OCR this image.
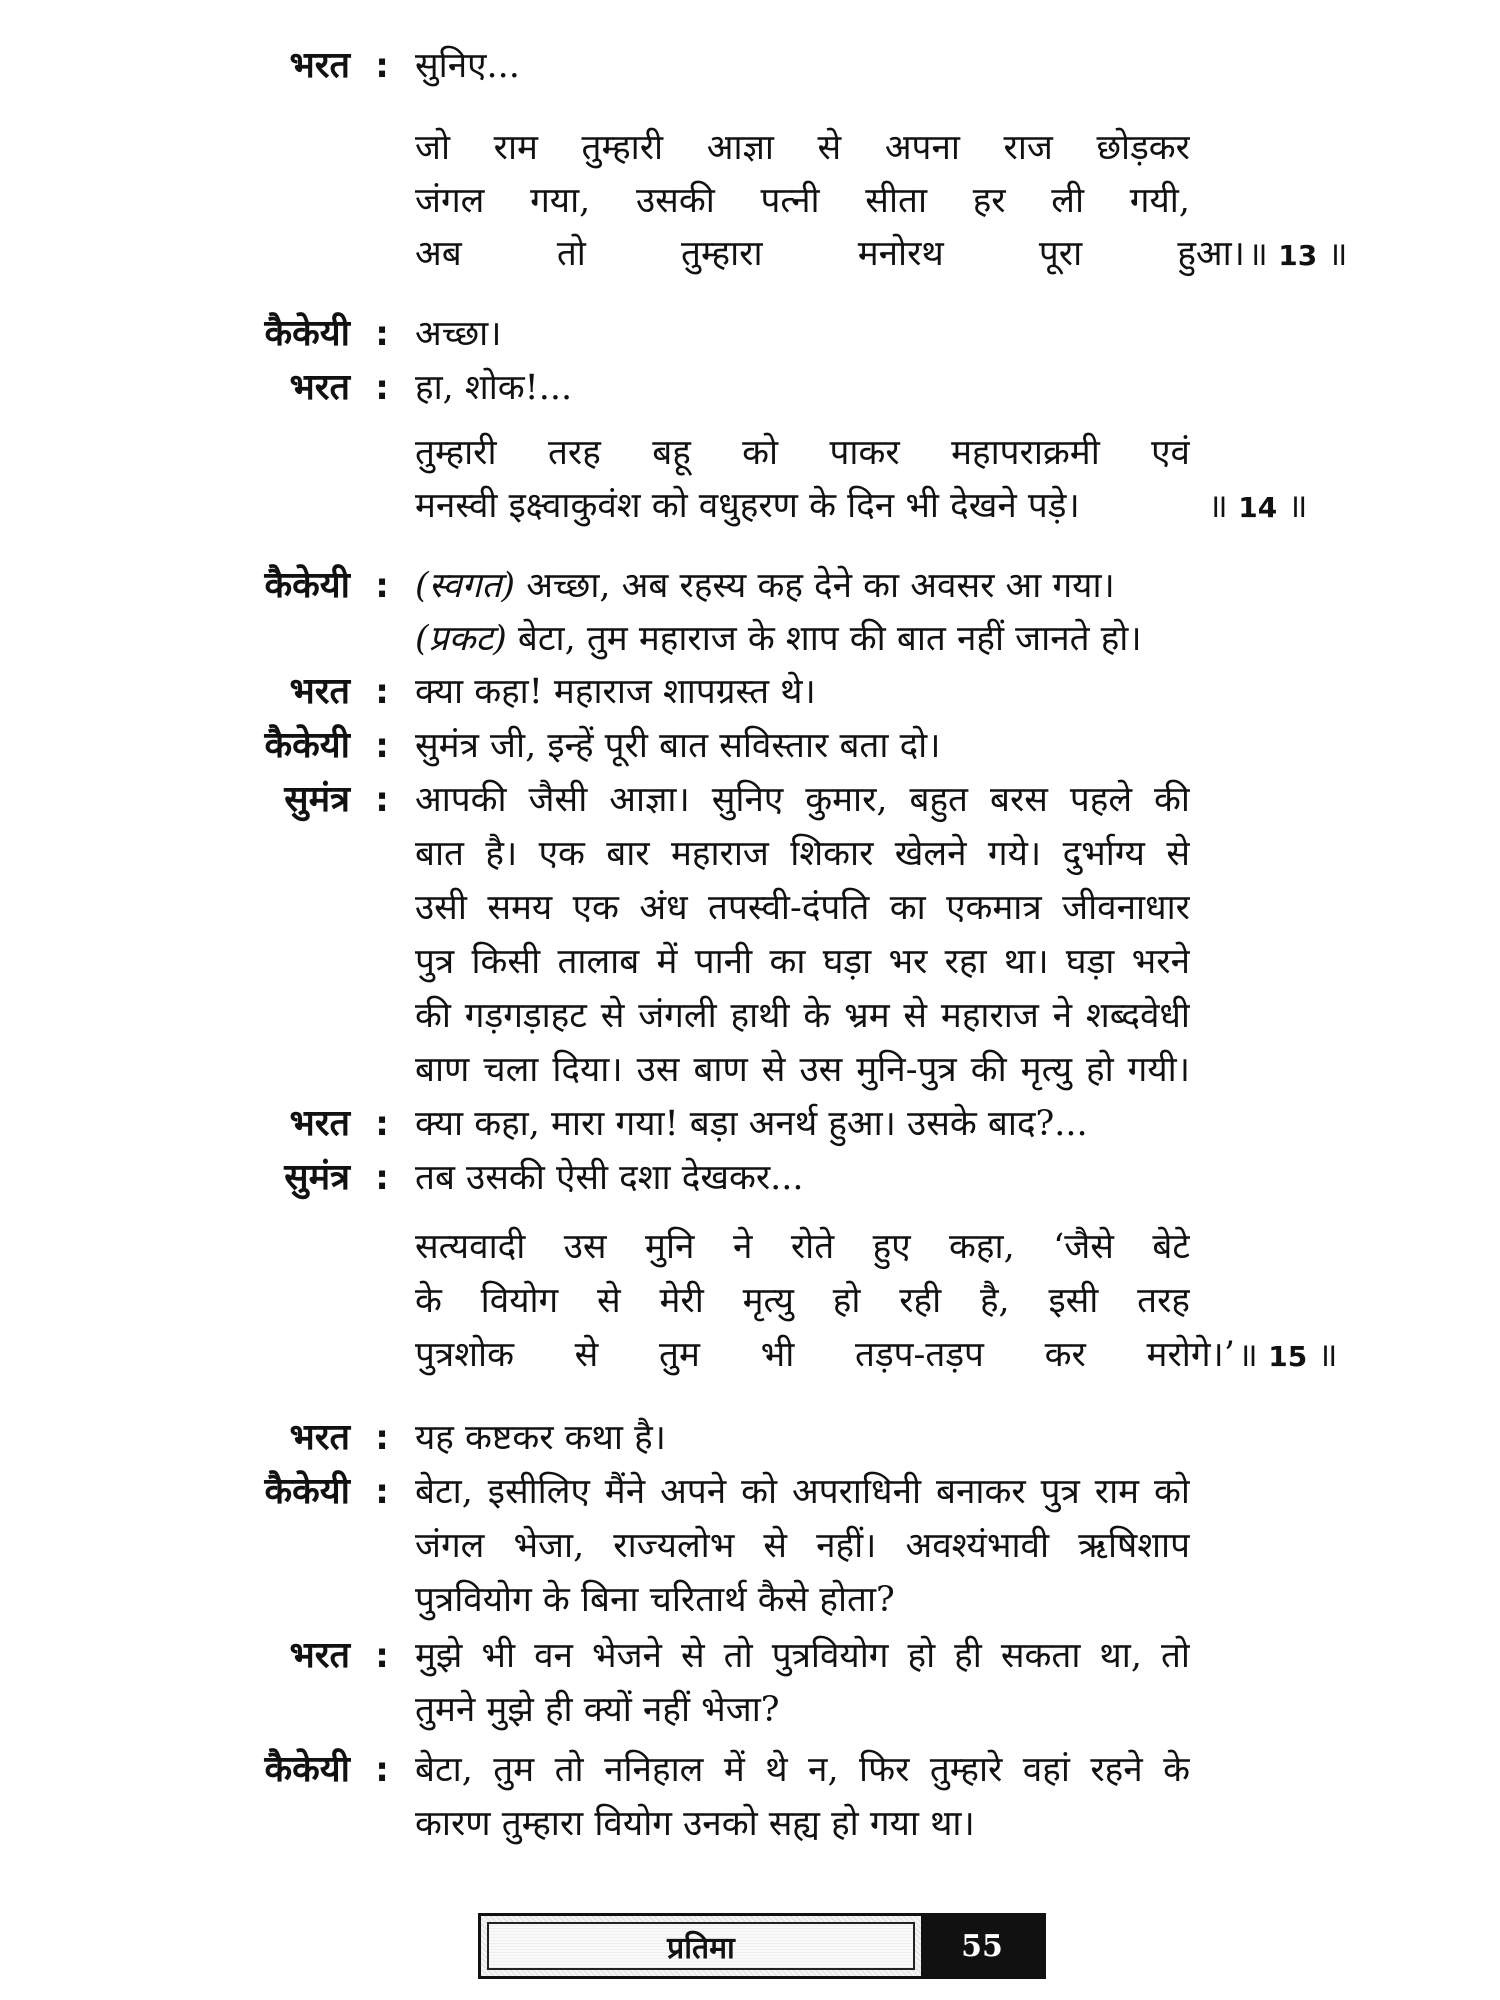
भरत : सुनिए...
जो राम तुम्हारी आज्ञा से अपना राज छोड़कर
जंगल गया, उसकी पत्नी सीता हर ली गयी,
अब	तो	तुम्हारा	मनोरथ	पूरा	हुआ। ॥ 13 ॥
कैकेयी : अच्छा।
भरत : हा, शोक!...
तुम्हारी तरह बहू को पाकर महापराक्रमी एवं
मनस्वी इक्ष्वाकुवंश को वधुहरण के दिन भी देखने पड़े।	॥ 14 ॥
कैकेयी : (स्वगत) अच्छा, अब रहस्य कह देने का अवसर आ गया।
(प्रकट) बेटा, तुम महाराज के शाप की बात नहीं जानते हो।
भरत : क्या कहा! महाराज शापग्रस्त थे।
कैकेयी : सुमंत्र जी, इन्हें पूरी बात सविस्तार बता दो।
सुमंत्र : आपकी जैसी आज्ञा। सुनिए कुमार, बहुत बरस पहले की
बात है। एक बार महाराज शिकार खेलने गये। दुर्भाग्य से
उसी समय एक अंध तपस्वी-दंपति का एकमात्र जीवनाधार
पुत्र किसी तालाब में पानी का घड़ा भर रहा था। घड़ा भरने
की गड़गड़ाहट से जंगली हाथी के भ्रम से महाराज ने शब्दवेधी
बाण चला दिया। उस बाण से उस मुनि-पुत्र की मृत्यु हो गयी।
भरत : क्या कहा, मारा गया! बड़ा अनर्थ हुआ। उसके बाद?...
सुमंत्र : तब उसकी ऐसी दशा देखकर...
सत्यवादी उस मुनि ने रोते हुए कहा, ‘जैसे बेटे
के वियोग से मेरी मृत्यु हो रही है, इसी तरह
पुत्रशोक से तुम भी तड़प-तड़प कर मरोगे।’ ॥ 15 ॥
भरत : यह कष्टकर कथा है।
कैकेयी : बेटा, इसीलिए मैंने अपने को अपराधिनी बनाकर पुत्र राम को
जंगल भेजा, राज्यलोभ से नहीं। अवश्यंभावी ऋषिशाप
पुत्रवियोग के बिना चरितार्थ कैसे होता?
भरत : मुझे भी वन भेजने से तो पुत्रवियोग हो ही सकता था, तो
तुमने मुझे ही क्यों नहीं भेजा?
कैकेयी : बेटा, तुम तो ननिहाल में थे न, फिर तुम्हारे वहां रहने के
कारण तुम्हारा वियोग उनको सह्य हो गया था।
प्रतिमा	55
